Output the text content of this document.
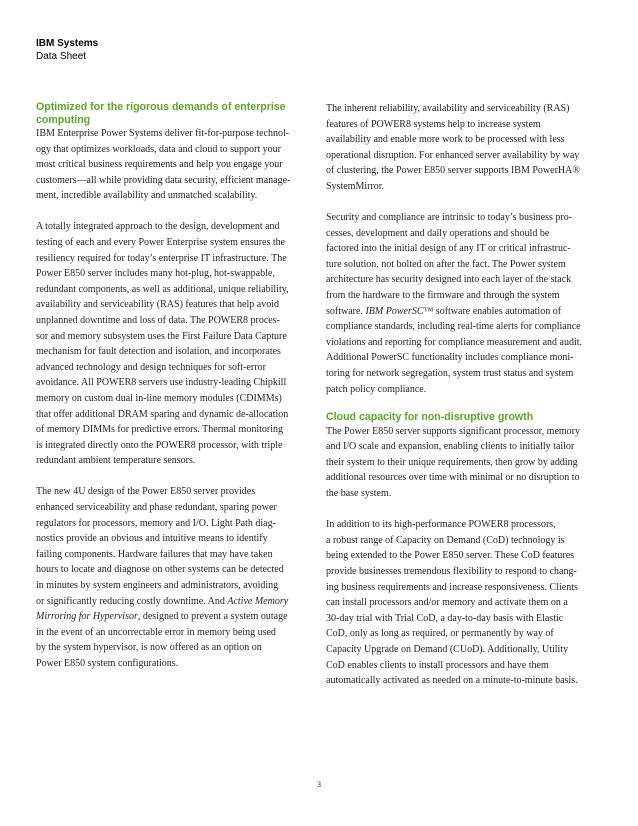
IBM Systems
Data Sheet
Optimized for the rigorous demands of enterprise
computing

IBM Enterprise Power Systems deliver fit-for-purpose technol-
ogy that optimizes workloads, data and cloud to support your
most critical business requirements and help you engage your
customers—all while providing data security, efficient manage-
ment, incredible availability and unmatched scalability.

A totally integrated approach to the design, development and
testing of each and every Power Enterprise system ensures the
resiliency required for today’s enterprise IT infrastructure. The
Power E850 server includes many hot-plug, hot-swappable,
redundant components, as well as additional, unique reliability,
availability and serviceability (RAS) features that help avoid
unplanned downtime and loss of data. The POWER8 proces-
sor and memory subsystem uses the First Failure Data Capture
mechanism for fault detection and isolation, and incorporates
advanced technology and design techniques for soft-error
avoidance. All POWER8 servers use industry-leading Chipkill
memory on custom dual in-line memory modules (CDIMMs)
that offer additional DRAM sparing and dynamic de-allocation
of memory DIMMs for predictive errors. Thermal monitoring
is integrated directly onto the POWER8 processor, with triple
redundant ambient temperature sensors.

The new 4U design of the Power E850 server provides
enhanced serviceability and phase redundant, sparing power
regulators for processors, memory and I/O. Light Path diag-
nostics provide an obvious and intuitive means to identify
failing components. Hardware failures that may have taken
hours to locate and diagnose on other systems can be detected
in minutes by system engineers and administrators, avoiding
or significantly reducing costly downtime. And Active Memory
Mirroring for Hypervisor, designed to prevent a system outage
in the event of an uncorrectable error in memory being used
by the system hypervisor, is now offered as an option on
Power E850 system configurations.

The inherent reliability, availability and serviceability (RAS)
features of POWER8 systems help to increase system
availability and enable more work to be processed with less
operational disruption. For enhanced server availability by way
of clustering, the Power E850 server supports IBM PowerHA®
SystemMirror.

Security and compliance are intrinsic to today’s business pro-
cesses, development and daily operations and should be
factored into the initial design of any IT or critical infrastruc-
ture solution, not bolted on after the fact. The Power system
architecture has security designed into each layer of the stack
from the hardware to the firmware and through the system
software. IBM PowerSC™ software enables automation of
compliance standards, including real-time alerts for compliance
violations and reporting for compliance measurement and audit.
Additional PowerSC functionality includes compliance moni-
toring for network segregation, system trust status and system
patch policy compliance.

Cloud capacity for non-disruptive growth

The Power E850 server supports significant processor, memory
and I/O scale and expansion, enabling clients to initially tailor
their system to their unique requirements, then grow by adding
additional resources over time with minimal or no disruption to
the base system.

In addition to its high-performance POWER8 processors,
a robust range of Capacity on Demand (CoD) technology is
being extended to the Power E850 server. These CoD features
provide businesses tremendous flexibility to respond to chang-
ing business requirements and increase responsiveness. Clients
can install processors and/or memory and activate them on a
30-day trial with Trial CoD, a day-to-day basis with Elastic
CoD, only as long as required, or permanently by way of
Capacity Upgrade on Demand (CUoD). Additionally, Utility
CoD enables clients to install processors and have them
automatically activated as needed on a minute-to-minute basis.

3
